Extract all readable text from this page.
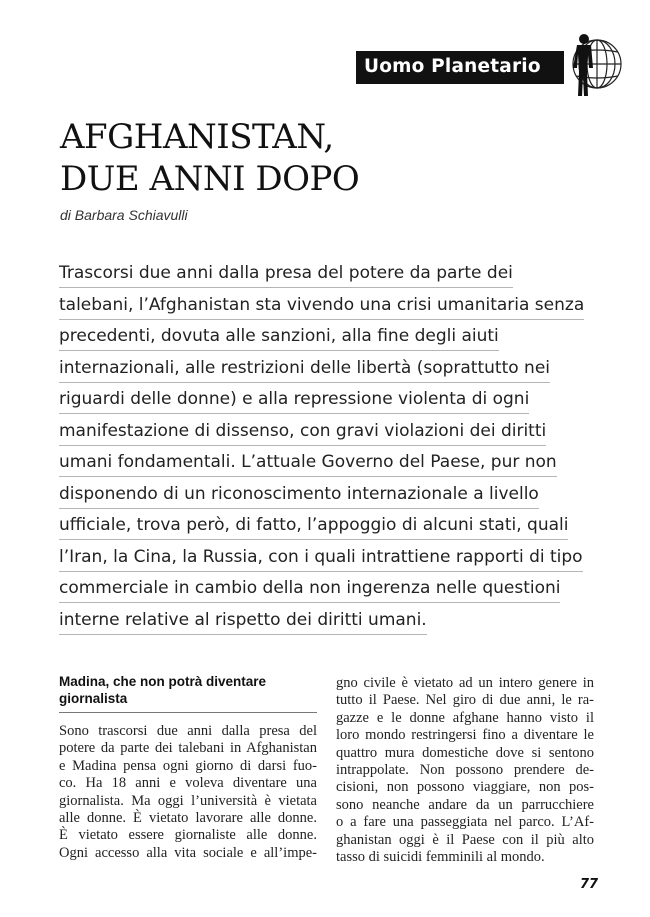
Uomo Planetario
AFGHANISTAN,
DUE ANNI DOPO
di Barbara Schiavulli
Trascorsi due anni dalla presa del potere da parte dei
talebani, l’Afghanistan sta vivendo una crisi umanitaria senza
precedenti, dovuta alle sanzioni, alla fine degli aiuti
internazionali, alle restrizioni delle libertà (soprattutto nei
riguardi delle donne) e alla repressione violenta di ogni
manifestazione di dissenso, con gravi violazioni dei diritti
umani fondamentali. L’attuale Governo del Paese, pur non
disponendo di un riconoscimento internazionale a livello
ufficiale, trova però, di fatto, l’appoggio di alcuni stati, quali
l’Iran, la Cina, la Russia, con i quali intrattiene rapporti di tipo
commerciale in cambio della non ingerenza nelle questioni
interne relative al rispetto dei diritti umani.
Madina, che non potrà diventare giornalista
Sono trascorsi due anni dalla presa del
potere da parte dei talebani in Afghanistan
e Madina pensa ogni giorno di darsi fuo-
co. Ha 18 anni e voleva diventare una
giornalista. Ma oggi l’università è vietata
alle donne. È vietato lavorare alle donne.
È vietato essere giornaliste alle donne.
Ogni accesso alla vita sociale e all’impe-
gno civile è vietato ad un intero genere in
tutto il Paese. Nel giro di due anni, le ra-
gazze e le donne afghane hanno visto il
loro mondo restringersi fino a diventare le
quattro mura domestiche dove si sentono
intrappolate. Non possono prendere de-
cisioni, non possono viaggiare, non pos-
sono neanche andare da un parrucchiere
o a fare una passeggiata nel parco. L’Af-
ghanistan oggi è il Paese con il più alto
tasso di suicidi femminili al mondo.
77
